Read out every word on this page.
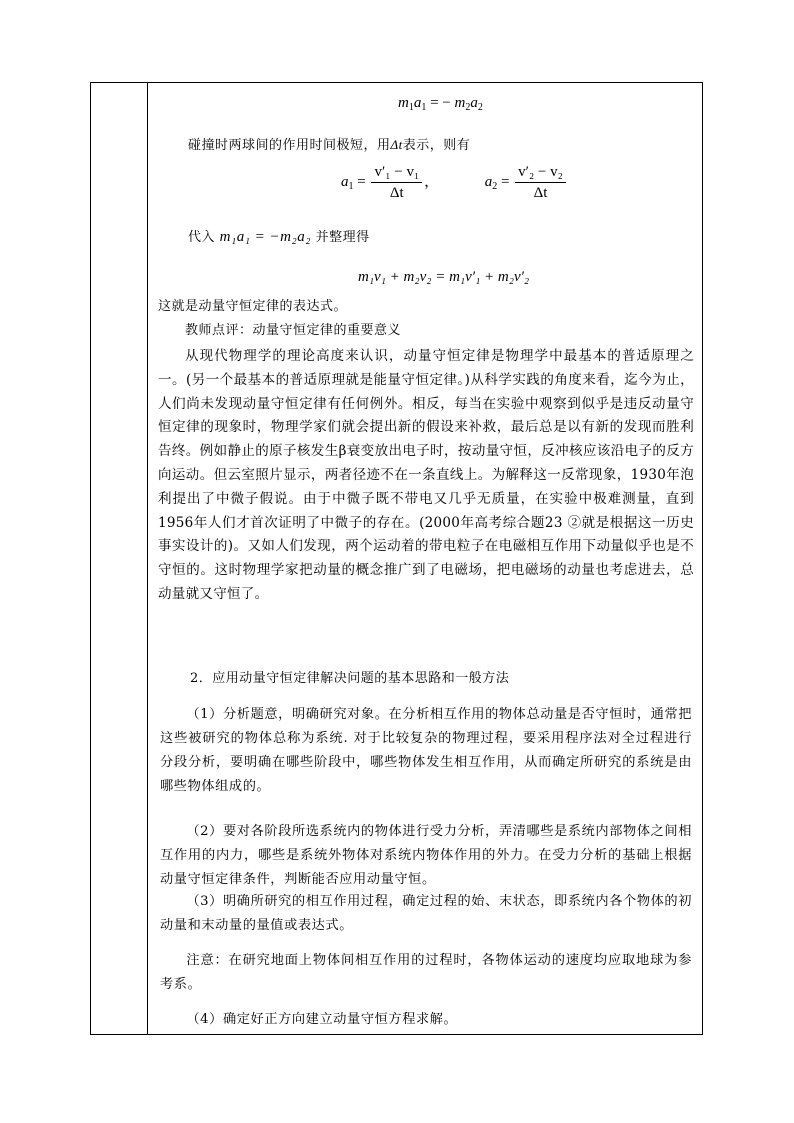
$m_1a_1$ = − $m_2a_2$
碰撞时两球间的作用时间极短，用Δt表示，则有
$a_1 = \frac{\text{v′₁ − v₁}}{\Delta t}$ ，	$a_2 = \frac{\text{v′₂ − v₂}}{\Delta t}$
代入 m₁a₁ = −m₂a₂ 并整理得
m₁v₁ + m₂v₂ = m₁v′₁ + m₂v′₂
这就是动量守恒定律的表达式。
教师点评：动量守恒定律的重要意义

从现代物理学的理论高度来认识，动量守恒定律是物理学中最基本的普适原理之一。(另一个最基本的普适原理就是能量守恒定律。)从科学实践的角度来看，迄今为止，人们尚未发现动量守恒定律有任何例外。相反，每当在实验中观察到似乎是违反动量守恒定律的现象时，物理学家们就会提出新的假设来补救，最后总是以有新的发现而胜利告终。例如静止的原子核发生β衰变放出电子时，按动量守恒，反冲核应该沿电子的反方向运动。但云室照片显示，两者径迹不在一条直线上。为解释这一反常现象，1930年泡利提出了中微子假说。由于中微子既不带电又几乎无质量，在实验中极难测量，直到1956年人们才首次证明了中微子的存在。(2000年高考综合题23 ②就是根据这一历史事实设计的)。又如人们发现，两个运动着的带电粒子在电磁相互作用下动量似乎也是不守恒的。这时物理学家把动量的概念推广到了电磁场，把电磁场的动量也考虑进去，总动量就又守恒了。

2．应用动量守恒定律解决问题的基本思路和一般方法

（1）分析题意，明确研究对象。在分析相互作用的物体总动量是否守恒时，通常把这些被研究的物体总称为系统. 对于比较复杂的物理过程，要采用程序法对全过程进行分段分析，要明确在哪些阶段中，哪些物体发生相互作用，从而确定所研究的系统是由哪些物体组成的。

（2）要对各阶段所选系统内的物体进行受力分析，弄清哪些是系统内部物体之间相互作用的内力，哪些是系统外物体对系统内物体作用的外力。在受力分析的基础上根据动量守恒定律条件，判断能否应用动量守恒。

（3）明确所研究的相互作用过程，确定过程的始、末状态，即系统内各个物体的初动量和末动量的量值或表达式。

注意：在研究地面上物体间相互作用的过程时，各物体运动的速度均应取地球为参考系。

（4）确定好正方向建立动量守恒方程求解。
